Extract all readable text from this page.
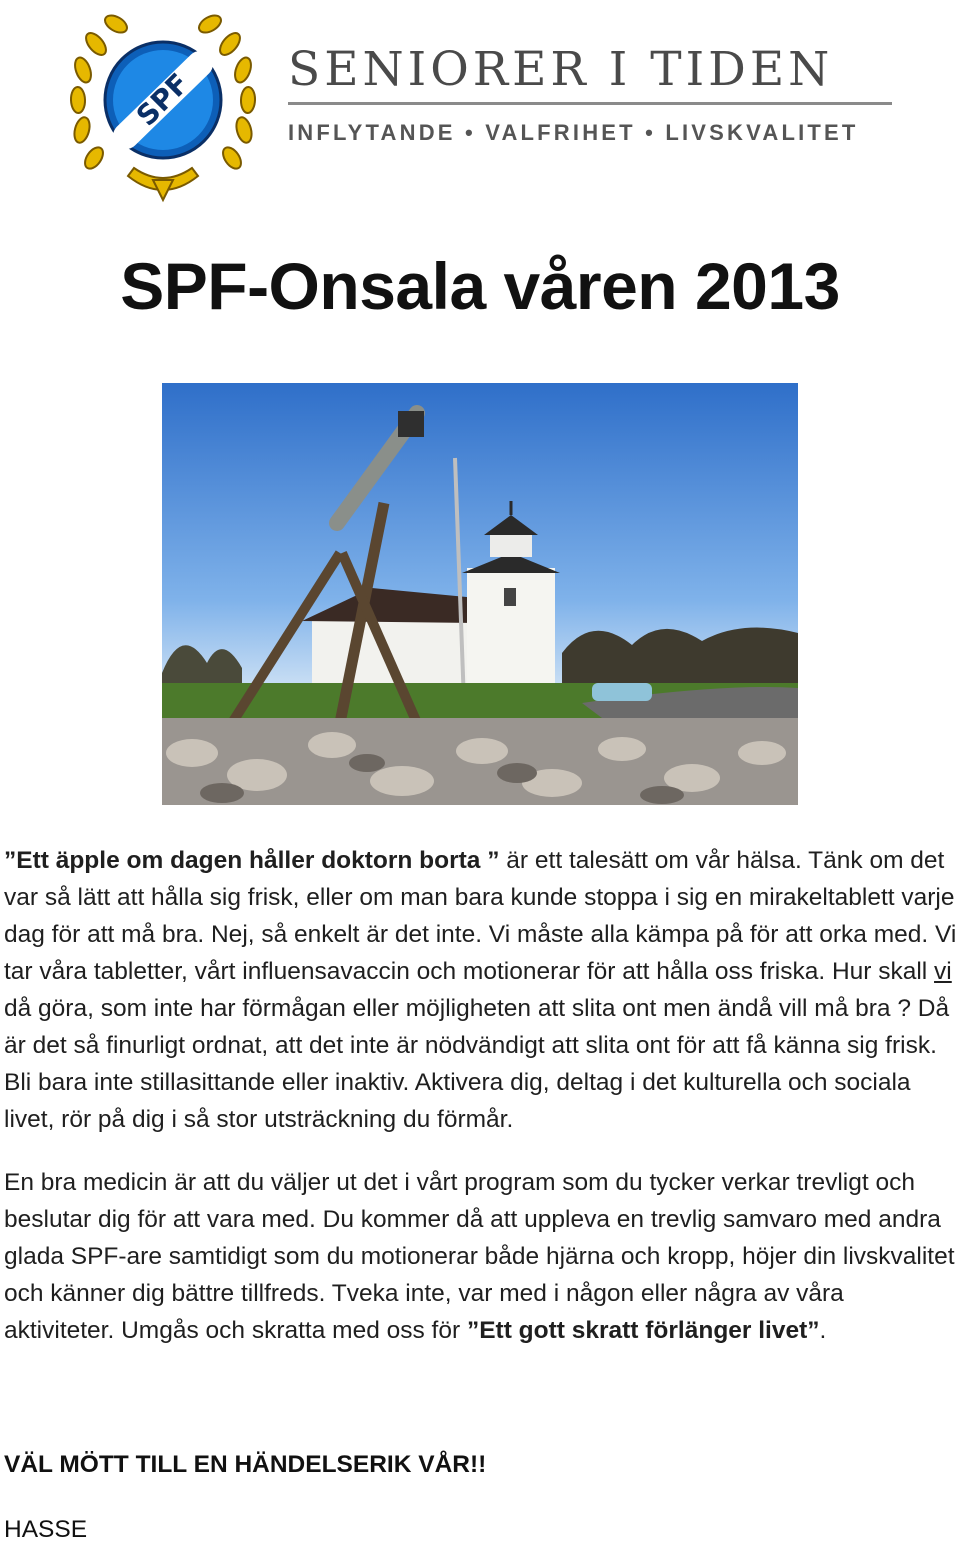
SPF SENIORER I TIDEN
INFLYTANDE • VALFRIHET • LIVSKVALITET
SPF-Onsala våren 2013

”Ett äpple om dagen håller doktorn borta ” är ett talesätt om vår hälsa. Tänk om det var så lätt att hålla sig frisk, eller om man bara kunde stoppa i sig en mirakeltablett varje dag för att må bra. Nej, så enkelt är det inte. Vi måste alla kämpa på för att orka med. Vi tar våra tabletter, vårt influensavaccin och motionerar för att hålla oss friska. Hur skall vi då göra, som inte har förmågan eller möjligheten att slita ont men ändå vill må bra ? Då är det så finurligt ordnat, att det inte är nödvändigt att slita ont för att få känna sig frisk. Bli bara inte stillasittande eller inaktiv. Aktivera dig, deltag i det kulturella och sociala livet, rör på dig i så stor utsträckning du förmår.

En bra medicin är att du väljer ut det i vårt program som du tycker verkar trevligt och beslutar dig för att vara med. Du kommer då att uppleva en trevlig samvaro med andra glada SPF-are samtidigt som du motionerar både hjärna och kropp, höjer din livskvalitet och känner dig bättre tillfreds. Tveka inte, var med i någon eller några av våra aktiviteter. Umgås och skratta med oss för ”Ett gott skratt förlänger livet”.

VÄL MÖTT TILL EN HÄNDELSERIK VÅR!!
HASSE
